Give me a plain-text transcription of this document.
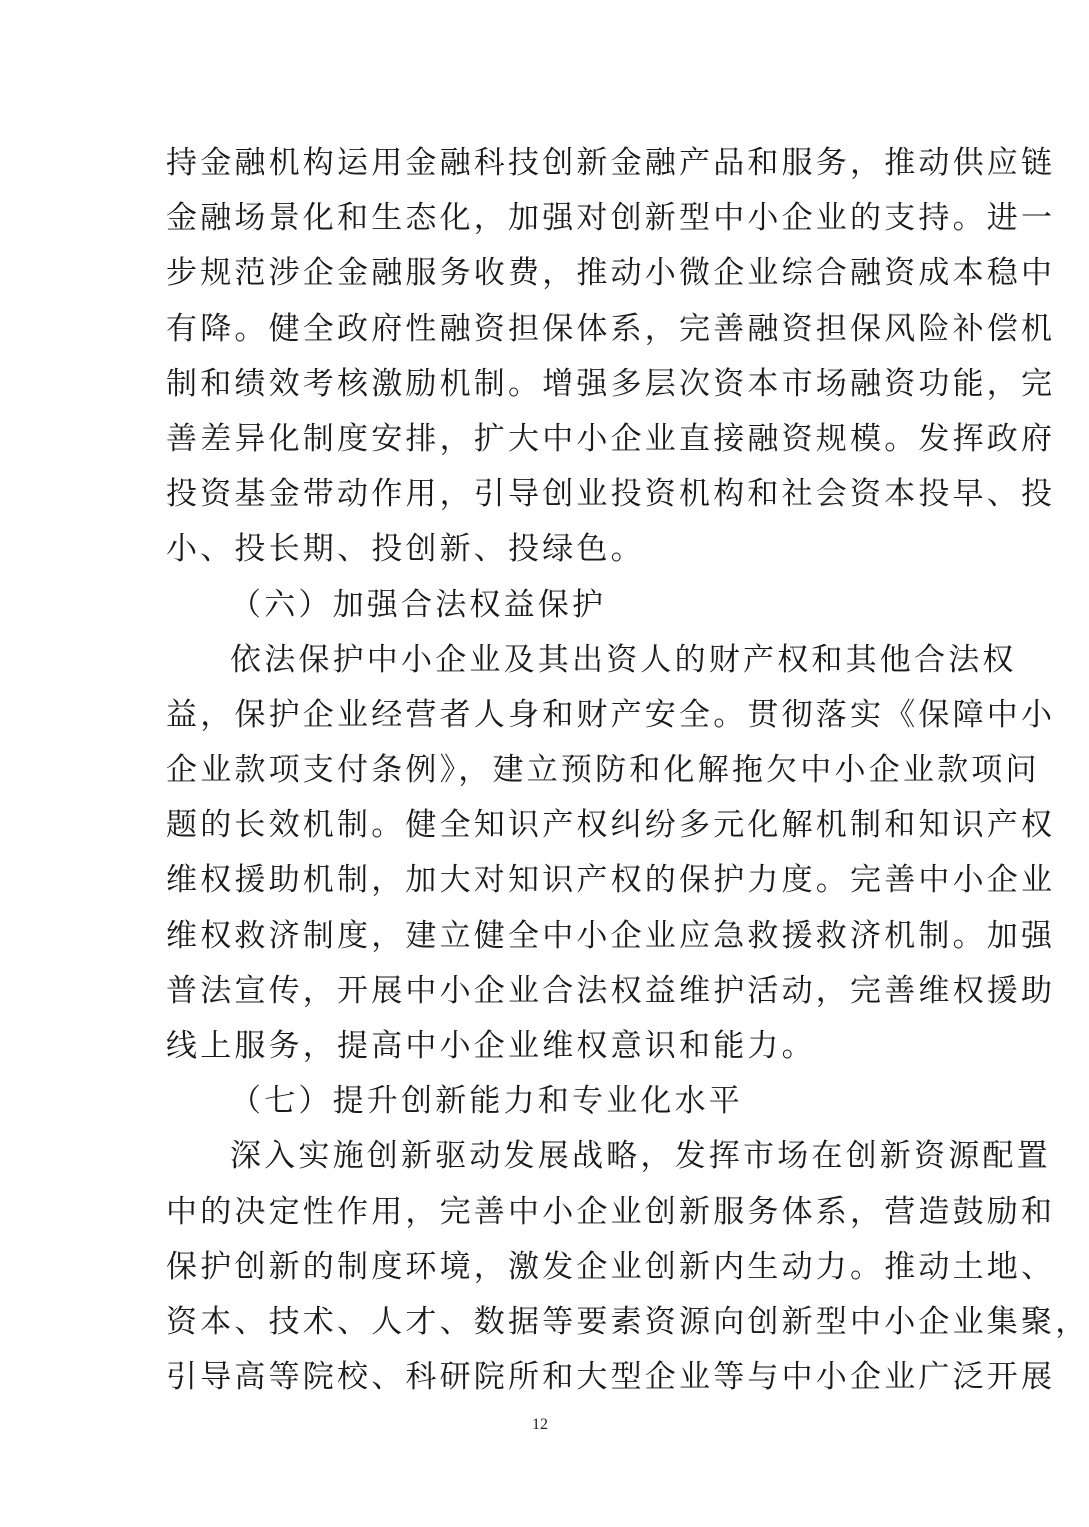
持金融机构运用金融科技创新金融产品和服务，推动供应链
金融场景化和生态化，加强对创新型中小企业的支持。进一
步规范涉企金融服务收费，推动小微企业综合融资成本稳中
有降。健全政府性融资担保体系，完善融资担保风险补偿机
制和绩效考核激励机制。增强多层次资本市场融资功能，完
善差异化制度安排，扩大中小企业直接融资规模。发挥政府
投资基金带动作用，引导创业投资机构和社会资本投早、投
小、投长期、投创新、投绿色。
（六）加强合法权益保护
依法保护中小企业及其出资人的财产权和其他合法权
益，保护企业经营者人身和财产安全。贯彻落实《保障中小
企业款项支付条例》，建立预防和化解拖欠中小企业款项问
题的长效机制。健全知识产权纠纷多元化解机制和知识产权
维权援助机制，加大对知识产权的保护力度。完善中小企业
维权救济制度，建立健全中小企业应急救援救济机制。加强
普法宣传，开展中小企业合法权益维护活动，完善维权援助
线上服务，提高中小企业维权意识和能力。
（七）提升创新能力和专业化水平
深入实施创新驱动发展战略，发挥市场在创新资源配置
中的决定性作用，完善中小企业创新服务体系，营造鼓励和
保护创新的制度环境，激发企业创新内生动力。推动土地、
资本、技术、人才、数据等要素资源向创新型中小企业集聚，
引导高等院校、科研院所和大型企业等与中小企业广泛开展
12
